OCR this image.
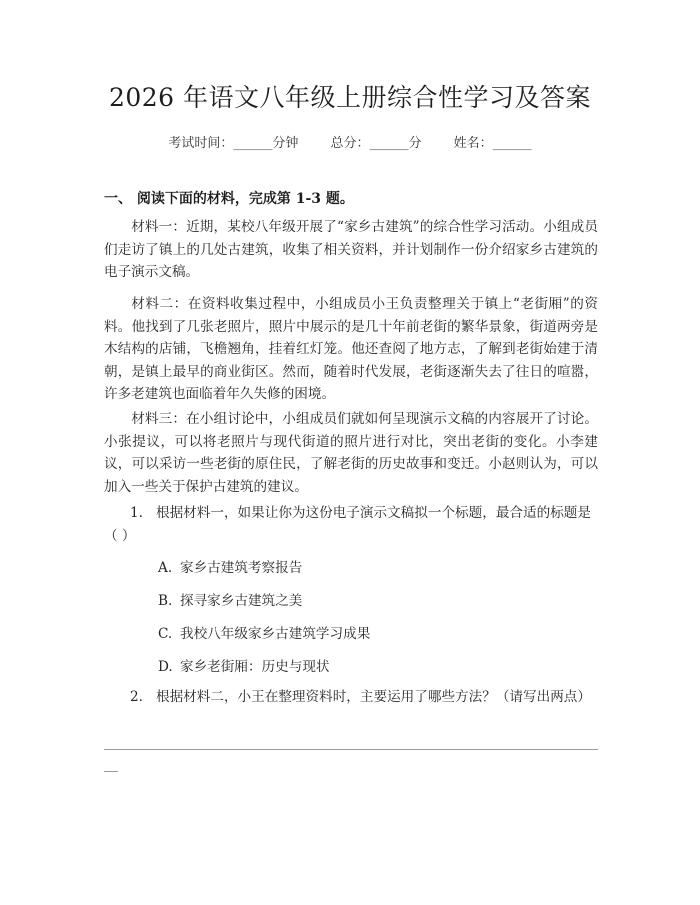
2026 年语文八年级上册综合性学习及答案
考试时间：______分钟 总分：______分 姓名：______
一、 阅读下面的材料，完成第 1-3 题。
材料一：近期，某校八年级开展了“家乡古建筑”的综合性学习活动。小组成员们走访了镇上的几处古建筑，收集了相关资料，并计划制作一份介绍家乡古建筑的电子演示文稿。
材料二：在资料收集过程中，小组成员小王负责整理关于镇上“老街厢”的资料。他找到了几张老照片，照片中展示的是几十年前老街的繁华景象，街道两旁是木结构的店铺，飞檐翘角，挂着红灯笼。他还查阅了地方志，了解到老街始建于清朝，是镇上最早的商业街区。然而，随着时代发展，老街逐渐失去了往日的喧嚣，许多老建筑也面临着年久失修的困境。
材料三：在小组讨论中，小组成员们就如何呈现演示文稿的内容展开了讨论。小张提议，可以将老照片与现代街道的照片进行对比，突出老街的变化。小李建议，可以采访一些老街的原住民，了解老街的历史故事和变迁。小赵则认为，可以加入一些关于保护古建筑的建议。
1. 根据材料一，如果让你为这份电子演示文稿拟一个标题，最合适的标题是（ ）
A. 家乡古建筑考察报告
B. 探寻家乡古建筑之美
C. 我校八年级家乡古建筑学习成果
D. 家乡老街厢：历史与现状
2. 根据材料二，小王在整理资料时，主要运用了哪些方法？（请写出两点）
